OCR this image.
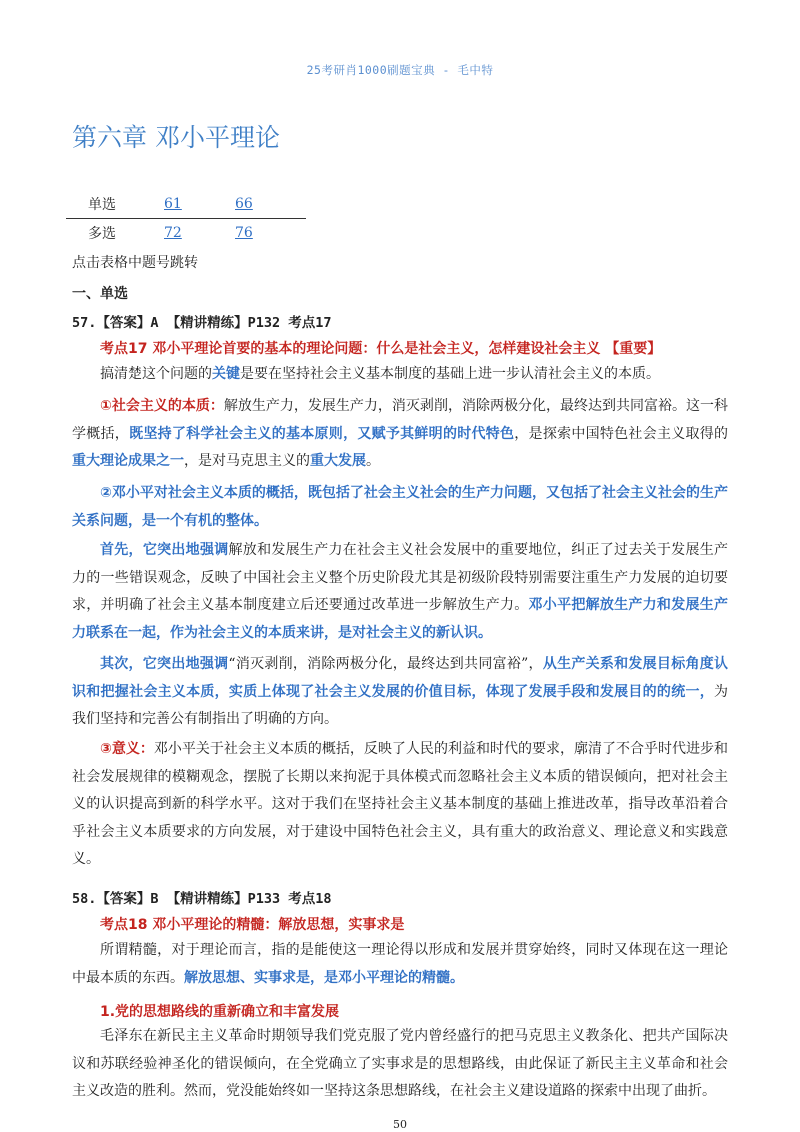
25考研肖1000刷题宝典 - 毛中特
第六章 邓小平理论
单选	61	66
多选	72	76
点击表格中题号跳转
一、单选
57.【答案】A 【精讲精练】P132 考点17
考点17 邓小平理论首要的基本的理论问题：什么是社会主义，怎样建设社会主义 【重要】

搞清楚这个问题的关键是要在坚持社会主义基本制度的基础上进一步认清社会主义的本质。

①社会主义的本质：解放生产力，发展生产力，消灭剥削，消除两极分化，最终达到共同富裕。这一科学概括，既坚持了科学社会主义的基本原则，又赋予其鲜明的时代特色，是探索中国特色社会主义取得的重大理论成果之一，是对马克思主义的重大发展。

②邓小平对社会主义本质的概括，既包括了社会主义社会的生产力问题，又包括了社会主义社会的生产关系问题，是一个有机的整体。

首先，它突出地强调解放和发展生产力在社会主义社会发展中的重要地位，纠正了过去关于发展生产力的一些错误观念，反映了中国社会主义整个历史阶段尤其是初级阶段特别需要注重生产力发展的迫切要求，并明确了社会主义基本制度建立后还要通过改革进一步解放生产力。邓小平把解放生产力和发展生产力联系在一起，作为社会主义的本质来讲，是对社会主义的新认识。

其次，它突出地强调“消灭剥削，消除两极分化，最终达到共同富裕”，从生产关系和发展目标角度认识和把握社会主义本质，实质上体现了社会主义发展的价值目标，体现了发展手段和发展目的的统一，为我们坚持和完善公有制指出了明确的方向。

③意义：邓小平关于社会主义本质的概括，反映了人民的利益和时代的要求，廓清了不合乎时代进步和社会发展规律的模糊观念，摆脱了长期以来拘泥于具体模式而忽略社会主义本质的错误倾向，把对社会主义的认识提高到新的科学水平。这对于我们在坚持社会主义基本制度的基础上推进改革，指导改革沿着合乎社会主义本质要求的方向发展，对于建设中国特色社会主义，具有重大的政治意义、理论意义和实践意义。

58.【答案】B 【精讲精练】P133 考点18
考点18 邓小平理论的精髓：解放思想，实事求是

所谓精髓，对于理论而言，指的是能使这一理论得以形成和发展并贯穿始终，同时又体现在这一理论中最本质的东西。解放思想、实事求是，是邓小平理论的精髓。

1.党的思想路线的重新确立和丰富发展

毛泽东在新民主主义革命时期领导我们党克服了党内曾经盛行的把马克思主义教条化、把共产国际决议和苏联经验神圣化的错误倾向，在全党确立了实事求是的思想路线，由此保证了新民主主义革命和社会主义改造的胜利。然而，党没能始终如一坚持这条思想路线，在社会主义建设道路的探索中出现了曲折。

50
